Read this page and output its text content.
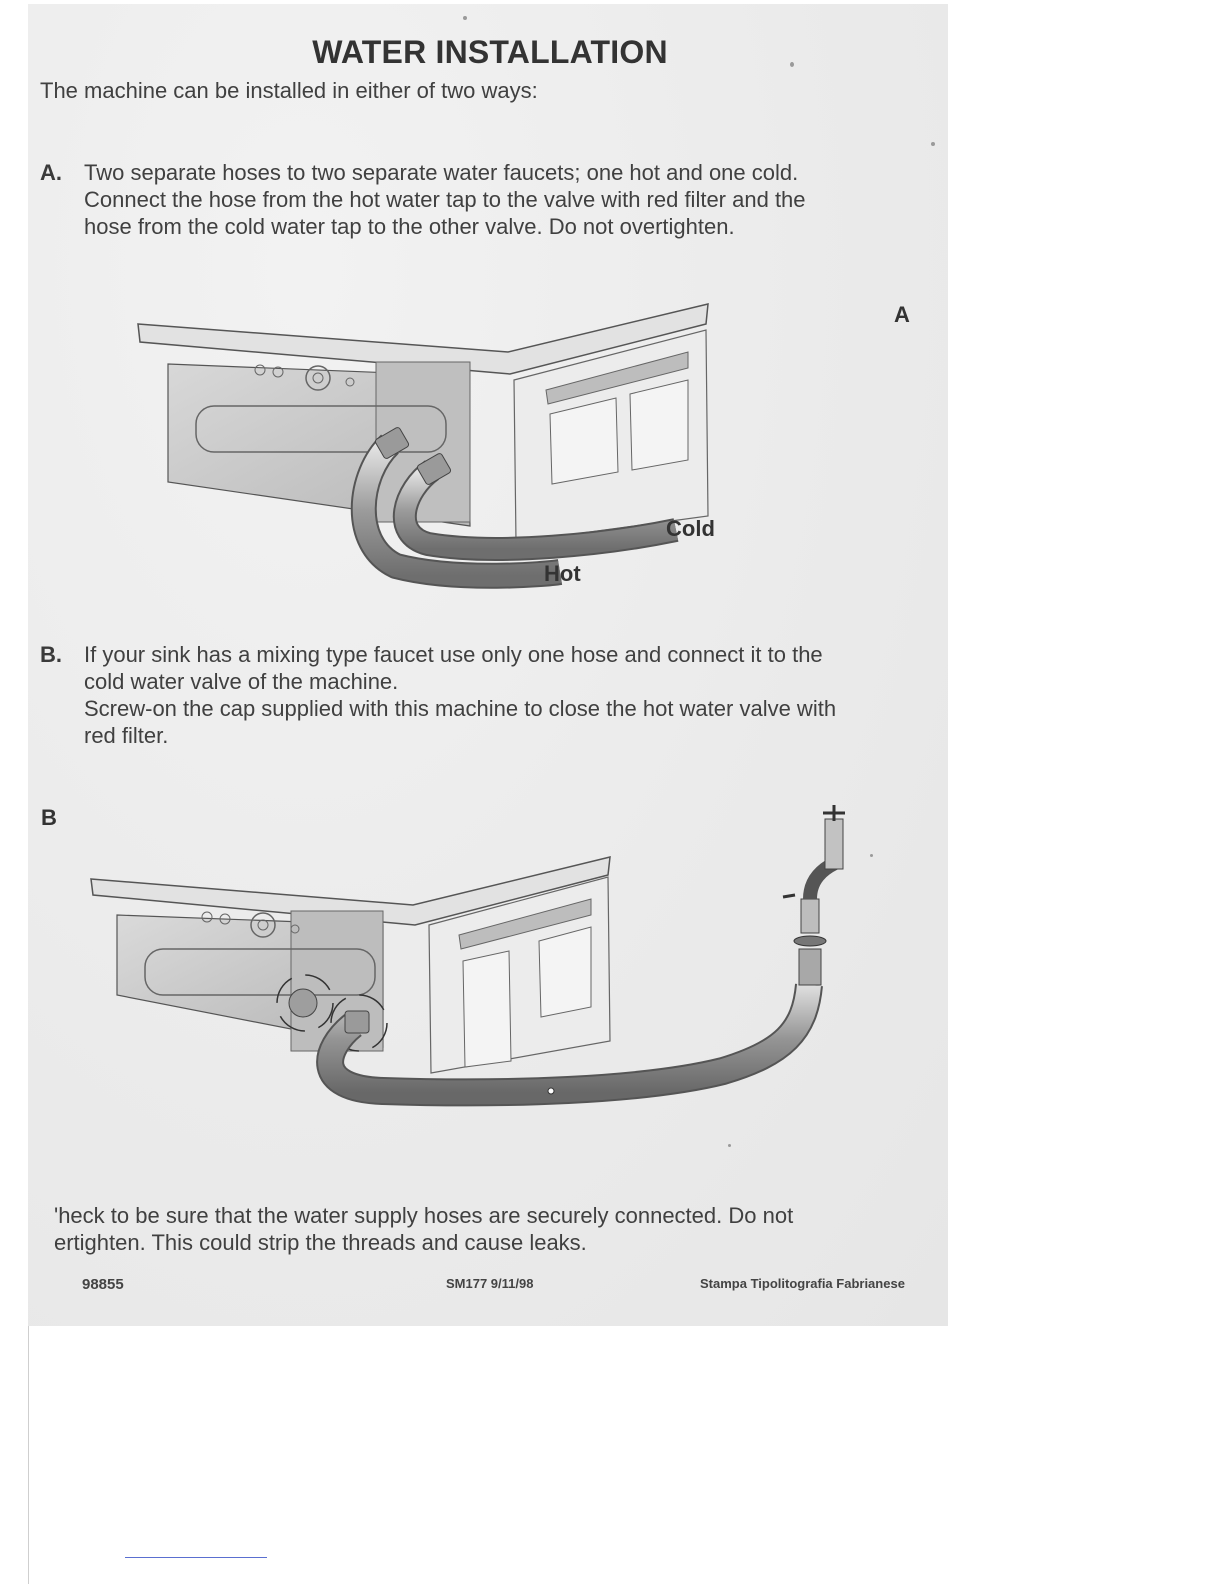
WATER INSTALLATION
The machine can be installed in either of two ways:
A. Two separate hoses to two separate water faucets; one hot and one cold.

Connect the hose from the hot water tap to the valve with red filter and the

hose from the cold water tap to the other valve. Do not overtighten.

A
Cold
Hot
B. If your sink has a mixing type faucet use only one hose and connect it to the

cold water valve of the machine.

Screw-on the cap supplied with this machine to close the hot water valve with

red filter.

B

'heck to be sure that the water supply hoses are securely connected. Do not

ertighten. This could strip the threads and cause leaks.

98855	SM177 9/11/98	Stampa Tipolitografia Fabrianese
